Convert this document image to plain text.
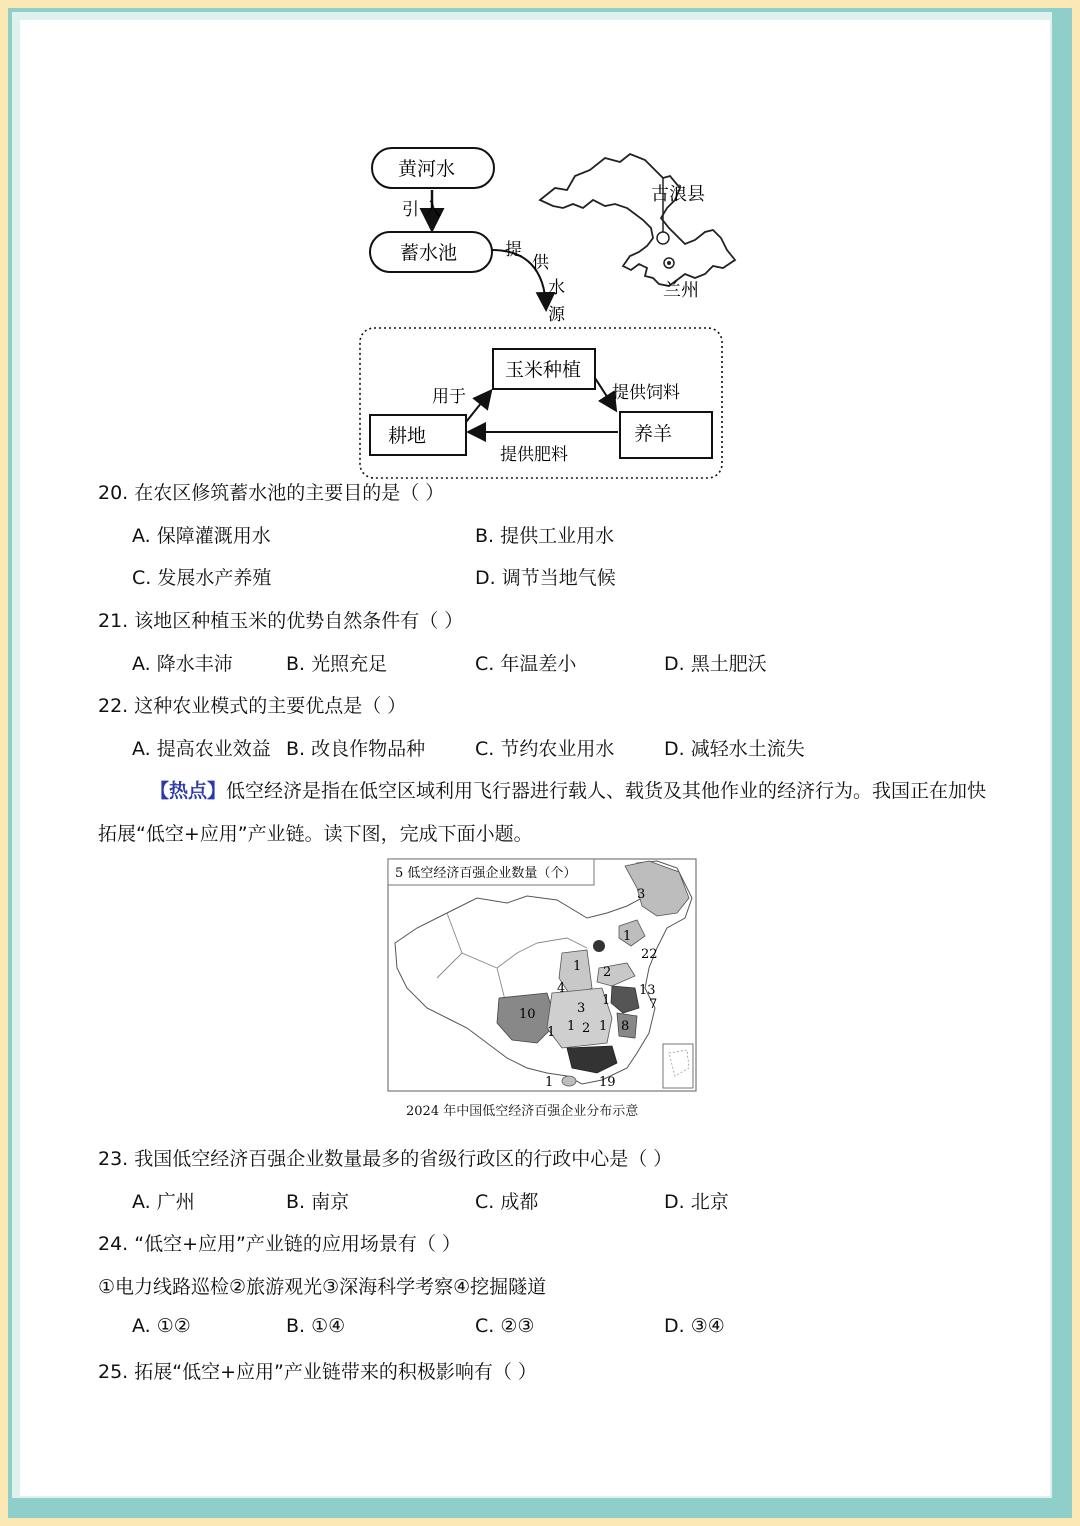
黄河水
引 入
蓄水池	提
供
水
源
玉米种植
耕地	养羊
用于	提供饲料
提供肥料
古浪县
兰州
20. 在农区修筑蓄水池的主要目的是（ ）
A. 保障灌溉用水	B. 提供工业用水
C. 发展水产养殖	D. 调节当地气候
21. 该地区种植玉米的优势自然条件有（ ）
A. 降水丰沛	B. 光照充足	C. 年温差小	D. 黑土肥沃
22. 这种农业模式的主要优点是（ ）
A. 提高农业效益 B. 改良作物品种	C. 节约农业用水	D. 减轻水土流失
【热点】低空经济是指在低空区域利用飞行器进行载人、载货及其他作业的经济行为。我国正在加快
拓展“低空+应用”产业链。读下图，完成下面小题。
5 低空经济百强企业数量（个）
3
1
22
1 2
4
1
13
7
10	3
1	8
1 2 1
1	19
2024 年中国低空经济百强企业分布示意
23. 我国低空经济百强企业数量最多的省级行政区的行政中心是（ ）
A. 广州	B. 南京	C. 成都	D. 北京
24. “低空+应用”产业链的应用场景有（ ）
①电力线路巡检②旅游观光③深海科学考察④挖掘隧道
A. ①②	B. ①④	C. ②③	D. ③④
25. 拓展“低空+应用”产业链带来的积极影响有（ ）
